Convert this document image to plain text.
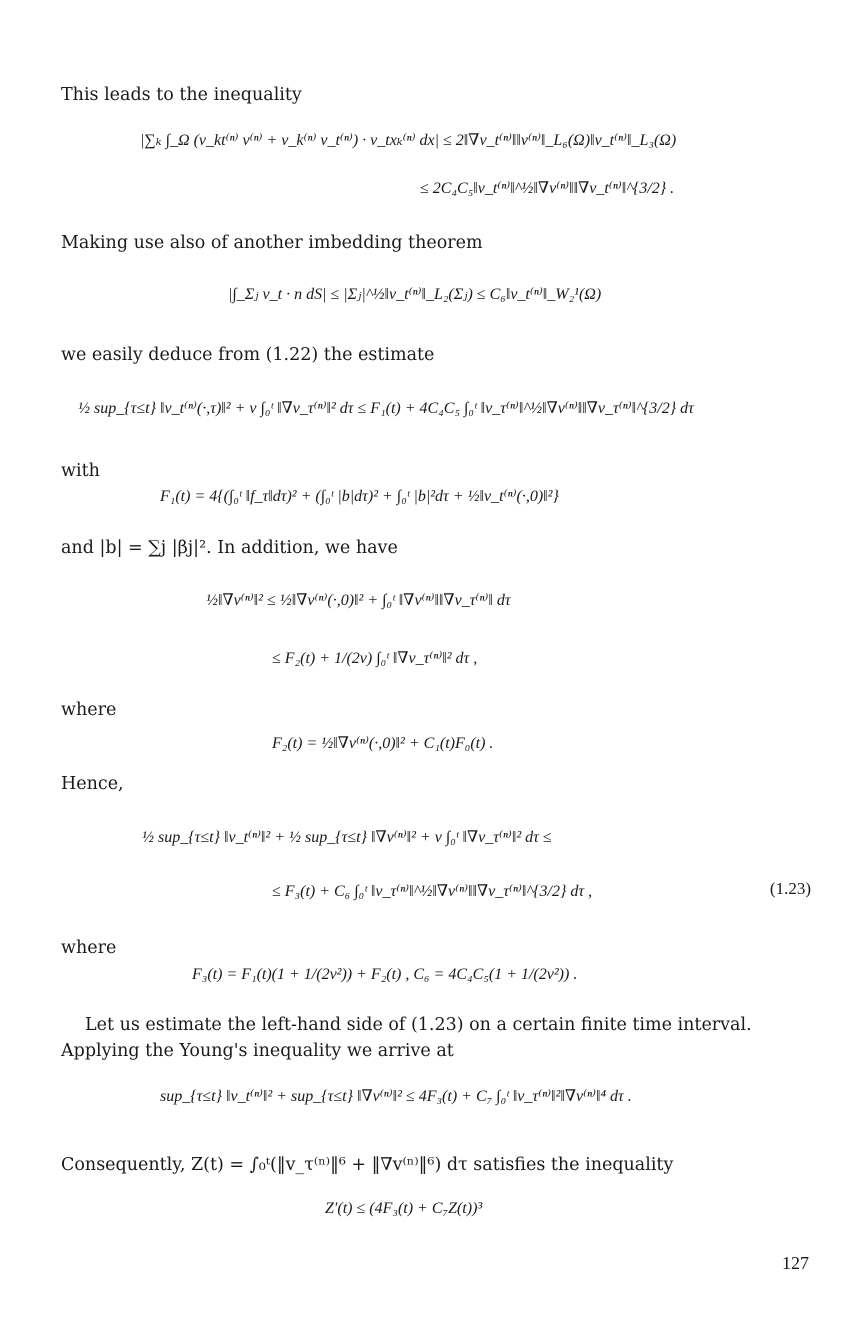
This leads to the inequality
|∑ₖ ∫_Ω (v_kt⁽ⁿ⁾ v⁽ⁿ⁾ + v_k⁽ⁿ⁾ v_t⁽ⁿ⁾) · v_txₖ⁽ⁿ⁾ dx| ≤ 2‖∇v_t⁽ⁿ⁾‖‖v⁽ⁿ⁾‖_L₆(Ω)‖v_t⁽ⁿ⁾‖_L₃(Ω)
≤ 2C₄C₅‖v_t⁽ⁿ⁾‖^½‖∇v⁽ⁿ⁾‖‖∇v_t⁽ⁿ⁾‖^{3/2} .
Making use also of another imbedding theorem
|∫_Σⱼ v_t · n dS| ≤ |Σⱼ|^½‖v_t⁽ⁿ⁾‖_L₂(Σⱼ) ≤ C₆‖v_t⁽ⁿ⁾‖_W₂¹(Ω)
we easily deduce from (1.22) the estimate
½ sup_{τ≤t} ‖v_t⁽ⁿ⁾(·,τ)‖² + ν ∫₀ᵗ ‖∇v_τ⁽ⁿ⁾‖² dτ ≤ F₁(t) + 4C₄C₅ ∫₀ᵗ ‖v_τ⁽ⁿ⁾‖^½‖∇v⁽ⁿ⁾‖‖∇v_τ⁽ⁿ⁾‖^{3/2} dτ
with
F₁(t) = 4{(∫₀ᵗ ‖f_τ‖dτ)² + (∫₀ᵗ |b|dτ)² + ∫₀ᵗ |b|²dτ + ½‖v_t⁽ⁿ⁾(·,0)‖²}
and |b| = ∑j |βj|². In addition, we have
½‖∇v⁽ⁿ⁾‖² ≤ ½‖∇v⁽ⁿ⁾(·,0)‖² + ∫₀ᵗ ‖∇v⁽ⁿ⁾‖‖∇v_τ⁽ⁿ⁾‖ dτ
≤ F₂(t) + 1/(2ν) ∫₀ᵗ ‖∇v_τ⁽ⁿ⁾‖² dτ ,
where
F₂(t) = ½‖∇v⁽ⁿ⁾(·,0)‖² + C₁(t)F₀(t) .
Hence,
½ sup_{τ≤t} ‖v_t⁽ⁿ⁾‖² + ½ sup_{τ≤t} ‖∇v⁽ⁿ⁾‖² + ν ∫₀ᵗ ‖∇v_τ⁽ⁿ⁾‖² dτ ≤
≤ F₃(t) + C₆ ∫₀ᵗ ‖v_τ⁽ⁿ⁾‖^½‖∇v⁽ⁿ⁾‖‖∇v_τ⁽ⁿ⁾‖^{3/2} dτ ,	(1.23)
where
F₃(t) = F₁(t)(1 + 1/(2ν²)) + F₂(t) , C₆ = 4C₄C₅(1 + 1/(2ν²)) .
Let us estimate the left-hand side of (1.23) on a certain finite time interval. Applying the Young's inequality we arrive at
sup_{τ≤t} ‖v_t⁽ⁿ⁾‖² + sup_{τ≤t} ‖∇v⁽ⁿ⁾‖² ≤ 4F₃(t) + C₇ ∫₀ᵗ ‖v_τ⁽ⁿ⁾‖²‖∇v⁽ⁿ⁾‖⁴ dτ .
Consequently, Z(t) = ∫₀ᵗ(‖v_τ⁽ⁿ⁾‖⁶ + ‖∇v⁽ⁿ⁾‖⁶) dτ satisfies the inequality
Z′(t) ≤ (4F₃(t) + C₇Z(t))³
127
